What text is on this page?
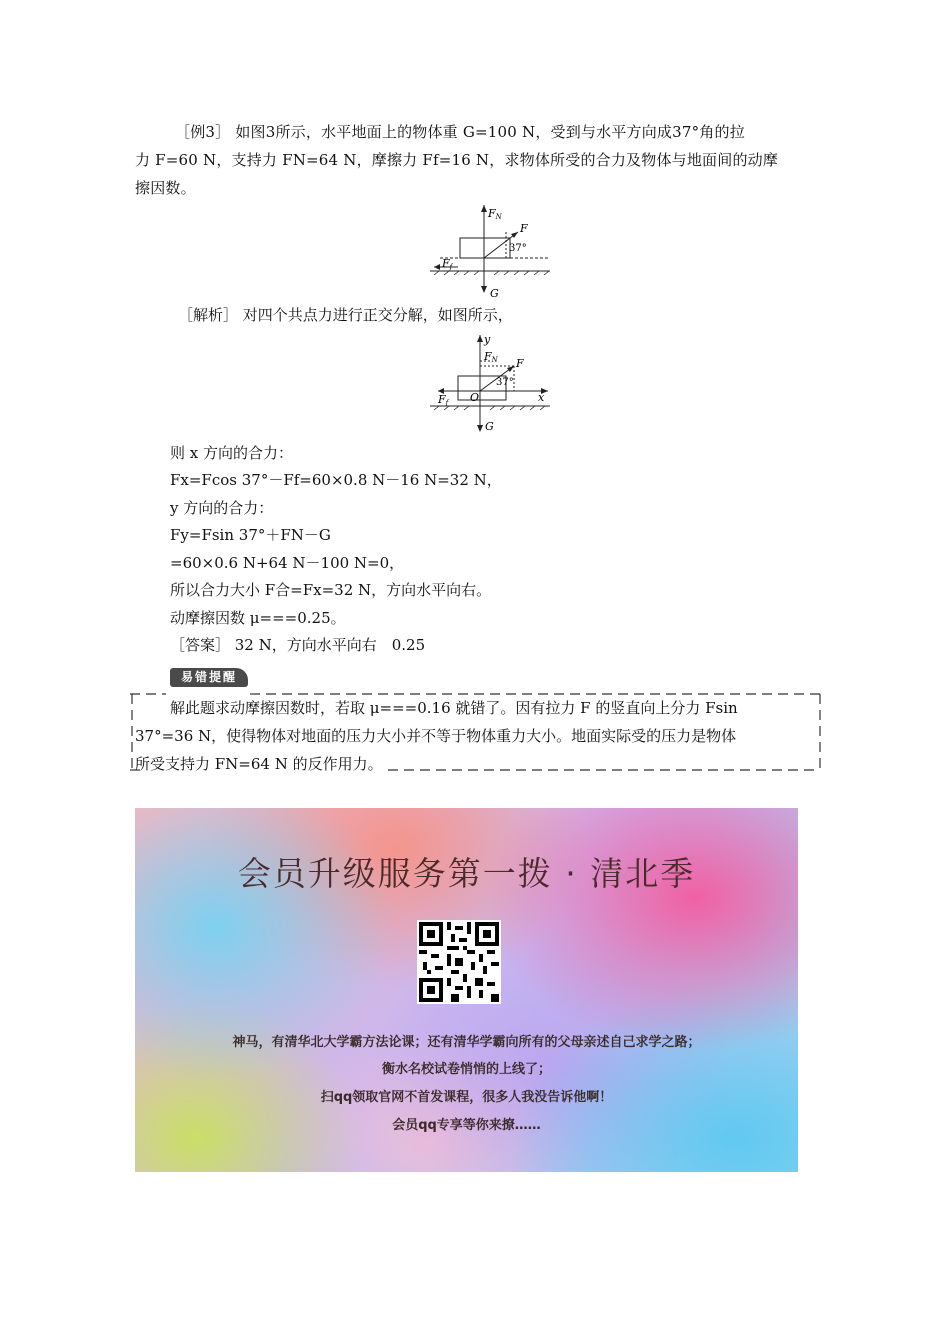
［例3］ 如图3所示，水平地面上的物体重 G=100 N，受到与水平方向成37°角的拉
力 F=60 N，支持力 FN=64 N，摩擦力 Ff=16 N，求物体所受的合力及物体与地面间的动摩
擦因数。
FN
F
37°
Ff
G
［解析］ 对四个共点力进行正交分解，如图所示，
y
x
O
FN F
37°
Ff
G
则 x 方向的合力：
Fx=Fcos 37°－Ff=60×0.8 N－16 N=32 N，
y 方向的合力：
Fy=Fsin 37°＋FN－G
=60×0.6 N+64 N－100 N=0，
所以合力大小 F合=Fx=32 N，方向水平向右。
动摩擦因数 μ===0.25。
［答案］ 32 N，方向水平向右　0.25
易错提醒
解此题求动摩擦因数时，若取 μ===0.16 就错了。因有拉力 F 的竖直向上分力 Fsin
37°=36 N，使得物体对地面的压力大小并不等于物体重力大小。地面实际受的压力是物体
所受支持力 FN=64 N 的反作用力。
会员升级服务第一拨 · 清北季
神马，有清华北大学霸方法论课；还有清华学霸向所有的父母亲述自己求学之路；
衡水名校试卷悄悄的上线了；
扫qq领取官网不首发课程，很多人我没告诉他啊！
会员qq专享等你来撩……
